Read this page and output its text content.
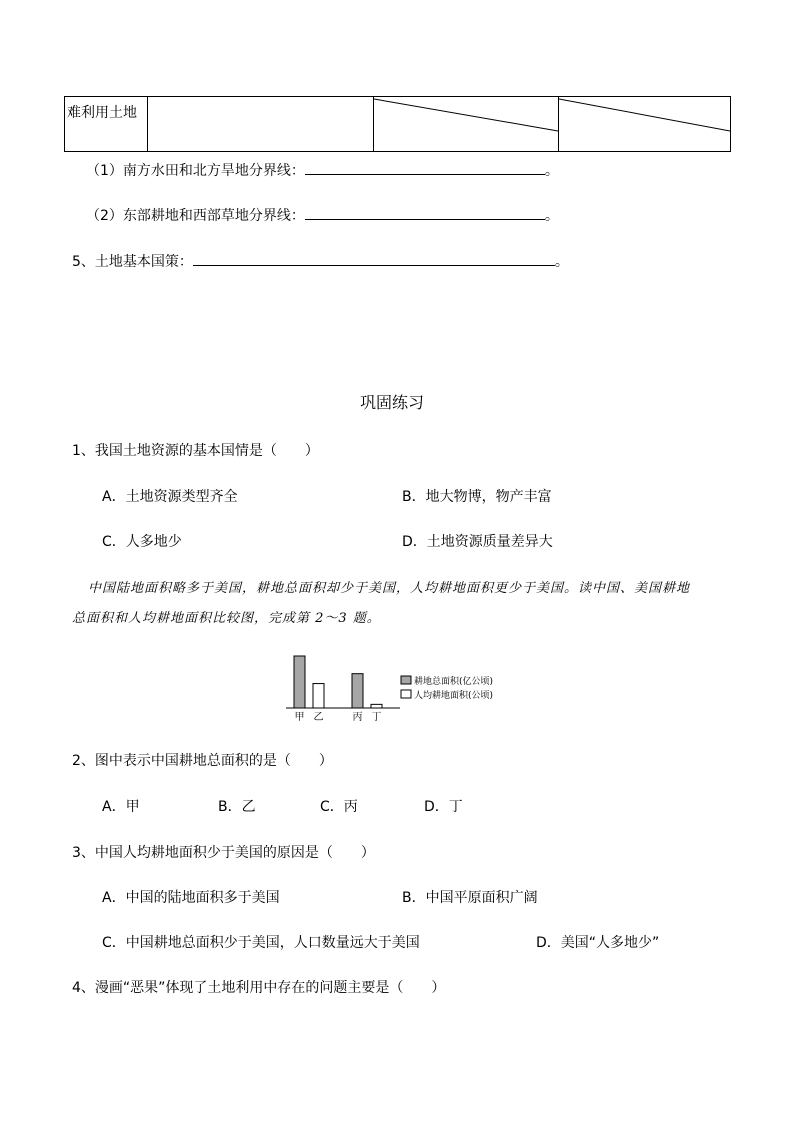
难利用土地

（1）南方水田和北方旱地分界线：	。
（2）东部耕地和西部草地分界线：	。
5、土地基本国策：	。
巩固练习
1、我国土地资源的基本国情是（　　）
A．土地资源类型齐全	B．地大物博，物产丰富
C．人多地少	D．土地资源质量差异大
中国陆地面积略多于美国，耕地总面积却少于美国，人均耕地面积更少于美国。读中国、美国耕地
总面积和人均耕地面积比较图，完成第 2～3 题。
甲 乙	丙 丁
耕地总面积(亿公顷)
人均耕地面积(公顷)
2、图中表示中国耕地总面积的是（　　）
A．甲	B．乙	C．丙	D．丁
3、中国人均耕地面积少于美国的原因是（　　）
A．中国的陆地面积多于美国	B．中国平原面积广阔
C．中国耕地总面积少于美国，人口数量远大于美国	D．美国“人多地少”
4、漫画“恶果”体现了土地利用中存在的问题主要是（　　）
